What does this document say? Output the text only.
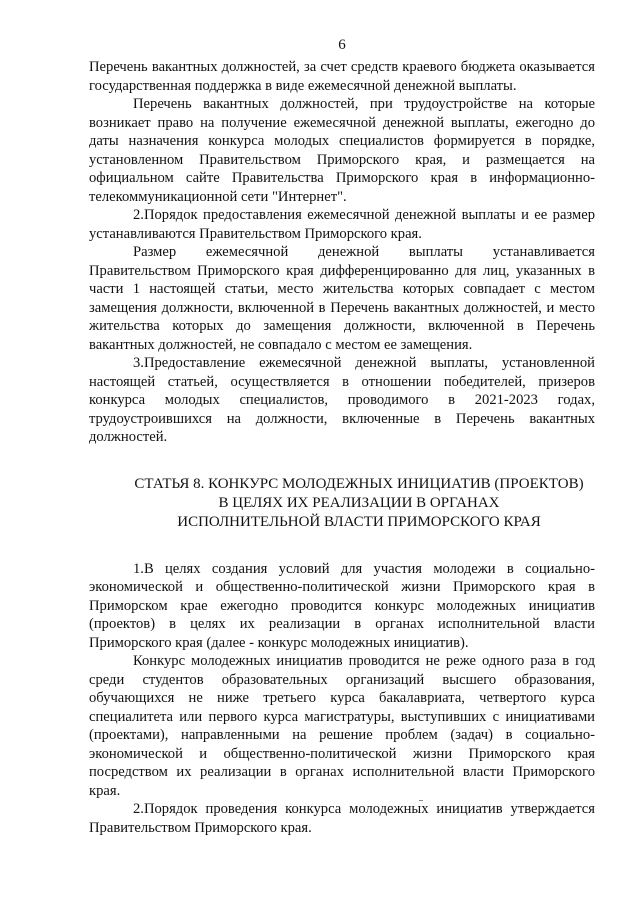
6

Перечень вакантных должностей, за счет средств краевого бюджета оказывается государственная поддержка в виде ежемесячной денежной выплаты.

Перечень вакантных должностей, при трудоустройстве на которые возникает право на получение ежемесячной денежной выплаты, ежегодно до даты назначения конкурса молодых специалистов формируется в порядке, установленном Правительством Приморского края, и размещается на официальном сайте Правительства Приморского края в информационно-телекоммуникационной сети "Интернет".

2.Порядок предоставления ежемесячной денежной выплаты и ее размер устанавливаются Правительством Приморского края.

Размер ежемесячной денежной выплаты устанавливается Правительством Приморского края дифференцированно для лиц, указанных в части 1 настоящей статьи, место жительства которых совпадает с местом замещения должности, включенной в Перечень вакантных должностей, и место жительства которых до замещения должности, включенной в Перечень вакантных должностей, не совпадало с местом ее замещения.

3.Предоставление ежемесячной денежной выплаты, установленной настоящей статьей, осуществляется в отношении победителей, призеров конкурса молодых специалистов, проводимого в 2021-2023 годах, трудоустроившихся на должности, включенные в Перечень вакантных должностей.

СТАТЬЯ 8. КОНКУРС МОЛОДЕЖНЫХ ИНИЦИАТИВ (ПРОЕКТОВ)
В ЦЕЛЯХ ИХ РЕАЛИЗАЦИИ В ОРГАНАХ
ИСПОЛНИТЕЛЬНОЙ ВЛАСТИ ПРИМОРСКОГО КРАЯ

1.В целях создания условий для участия молодежи в социально-экономической и общественно-политической жизни Приморского края в Приморском крае ежегодно проводится конкурс молодежных инициатив (проектов) в целях их реализации в органах исполнительной власти Приморского края (далее - конкурс молодежных инициатив).

Конкурс молодежных инициатив проводится не реже одного раза в год среди студентов образовательных организаций высшего образования, обучающихся не ниже третьего курса бакалавриата, четвертого курса специалитета или первого курса магистратуры, выступивших с инициативами (проектами), направленными на решение проблем (задач) в социально-экономической и общественно-политической жизни Приморского края посредством их реализации в органах исполнительной власти Приморского края.

2.Порядок проведения конкурса молодежных инициатив утверждается Правительством Приморского края.
